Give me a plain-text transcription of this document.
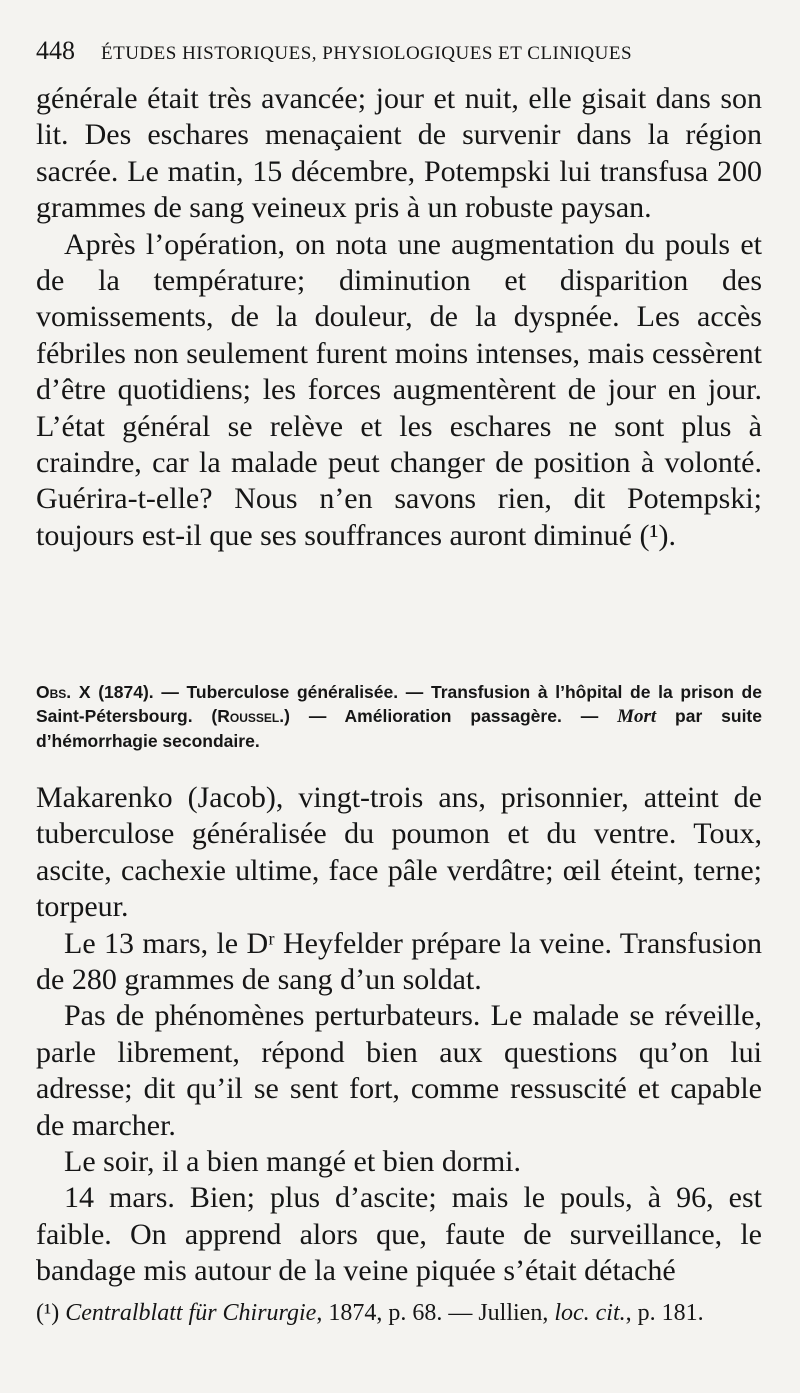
448 ÉTUDES HISTORIQUES, PHYSIOLOGIQUES ET CLINIQUES

générale était très avancée; jour et nuit, elle gisait dans son lit. Des eschares menaçaient de survenir dans la région sacrée. Le matin, 15 décembre, Potempski lui transfusa 200 grammes de sang veineux pris à un robuste paysan.

Après l’opération, on nota une augmentation du pouls et de la température; diminution et disparition des vomissements, de la douleur, de la dyspnée. Les accès fébriles non seulement furent moins intenses, mais cessèrent d’être quotidiens; les forces augmentèrent de jour en jour. L’état général se relève et les eschares ne sont plus à craindre, car la malade peut changer de position à volonté. Guérira-t-elle? Nous n’en savons rien, dit Potempski; toujours est-il que ses souffrances auront diminué (¹).

Obs. X (1874). — Tuberculose généralisée. — Transfusion à l’hôpital de la prison de Saint-Pétersbourg. (Roussel.) — Amélioration passagère. — Mort par suite d’hémorrhagie secondaire.

Makarenko (Jacob), vingt-trois ans, prisonnier, atteint de tuberculose généralisée du poumon et du ventre. Toux, ascite, cachexie ultime, face pâle verdâtre; œil éteint, terne; torpeur.

Le 13 mars, le Dʳ Heyfelder prépare la veine. Transfusion de 280 grammes de sang d’un soldat.

Pas de phénomènes perturbateurs. Le malade se réveille, parle librement, répond bien aux questions qu’on lui adresse; dit qu’il se sent fort, comme ressuscité et capable de marcher.

Le soir, il a bien mangé et bien dormi.

14 mars. Bien; plus d’ascite; mais le pouls, à 96, est faible. On apprend alors que, faute de surveillance, le bandage mis autour de la veine piquée s’était détaché

(¹) Centralblatt für Chirurgie, 1874, p. 68. — Jullien, loc. cit., p. 181.
